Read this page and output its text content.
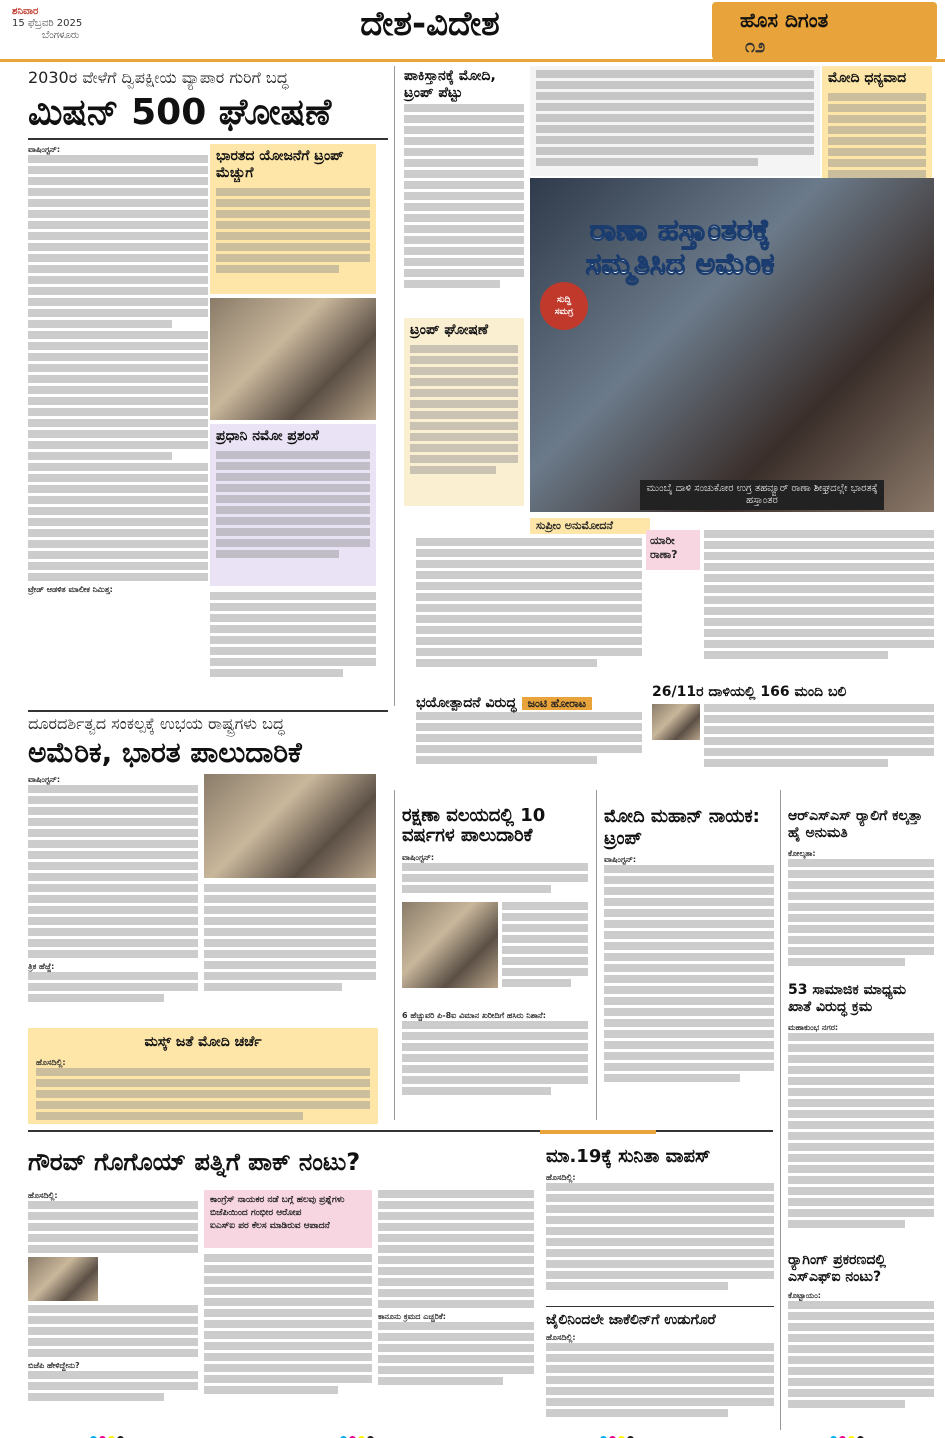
ಶನಿವಾರ
15 ಫೆಬ್ರವರಿ 2025
ಬೆಂಗಳೂರು	ದೇಶ-ವಿದೇಶ	ಹೊಸ ದಿಗಂತ
೧೨
2030ರ ವೇಳೆಗೆ ದ್ವಿಪಕ್ಷೀಯ ವ್ಯಾಪಾರ ಗುರಿಗೆ ಬದ್ಧ
ಮಿಷನ್ 500 ಘೋಷಣೆ
ವಾಷಿಂಗ್ಟನ್:
ಟ್ರೇಡ್ ಆಡಳಿತ ಮಾಲೀಕ ನಿಮಿತ್ತ:
ಭಾರತದ ಯೋಜನೆಗೆ ಟ್ರಂಪ್ ಮೆಚ್ಚುಗೆ
ಪ್ರಧಾನಿ ನಮೋ ಪ್ರಶಂಸೆ
ಪಾಕಿಸ್ತಾನಕ್ಕೆ ಮೋದಿ, ಟ್ರಂಪ್ ಪೆಟ್ಟು
ಟ್ರಂಪ್ ಘೋಷಣೆ
ಮೋದಿ ಧನ್ಯವಾದ
ರಾಣಾ ಹಸ್ತಾಂತರಕ್ಕೆ
ಸಮ್ಮತಿಸಿದ ಅಮೆರಿಕ
ಸುದ್ದಿ
ಸಮಗ್ರ
ಮುಂಬೈ ದಾಳಿ ಸಂಚುಕೋರ ಉಗ್ರ ತಹವ್ವೂರ್ ರಾಣಾ ಶೀಘ್ರದಲ್ಲೇ ಭಾರತಕ್ಕೆ ಹಸ್ತಾಂತರ
ಸುಪ್ರೀಂ ಅನುಮೋದನೆ
ಯಾರೀ ರಾಣಾ?
ಭಯೋತ್ಪಾದನೆ ವಿರುದ್ಧ ಜಂಟಿ ಹೋರಾಟ
26/11ರ ದಾಳಿಯಲ್ಲಿ 166 ಮಂದಿ ಬಲಿ
ದೂರದರ್ಶಿತ್ವದ ಸಂಕಲ್ಪಕ್ಕೆ ಉಭಯ ರಾಷ್ಟ್ರಗಳು ಬದ್ಧ
ಅಮೆರಿಕ, ಭಾರತ ಪಾಲುದಾರಿಕೆ
ವಾಷಿಂಗ್ಟನ್:
ತ್ರಿಕ ಹೆಜ್ಜೆ:
ರಕ್ಷಣಾ ವಲಯದಲ್ಲಿ 10 ವರ್ಷಗಳ ಪಾಲುದಾರಿಕೆ
ವಾಷಿಂಗ್ಟನ್:
6 ಹೆಚ್ಚುವರಿ ಪಿ-8ಐ ವಿಮಾನ ಖರೀದಿಗೆ ಹಸಿರು ನಿಶಾನೆ:
ಮೋದಿ ಮಹಾನ್ ನಾಯಕ: ಟ್ರಂಪ್
ವಾಷಿಂಗ್ಟನ್:
ಆರ್‌ಎಸ್‌ಎಸ್ ರ‍್ಯಾಲಿಗೆ ಕಲ್ಕತ್ತಾ ಹೈ ಅನುಮತಿ
ಕೋಲ್ಕತಾ:
53 ಸಾಮಾಜಿಕ ಮಾಧ್ಯಮ ಖಾತೆ ವಿರುದ್ಧ ಕ್ರಮ
ಮಹಾಕುಂಭ ನಗರ:
ರ‍್ಯಾಗಿಂಗ್ ಪ್ರಕರಣದಲ್ಲಿ ಎಸ್‌ಎಫ್‌ಐ ನಂಟು?
ಕೊಟ್ಟಾಯಂ:
ಮಸ್ಕ್ ಜತೆ ಮೋದಿ ಚರ್ಚೆ
ಹೊಸದಿಲ್ಲಿ:
ಗೌರವ್ ಗೊಗೊಯ್ ಪತ್ನಿಗೆ ಪಾಕ್ ನಂಟು?
ಹೊಸದಿಲ್ಲಿ:
ಬಿಜೆಪಿ ಹೇಳಿದ್ದೇನು?
ಕಾಂಗ್ರೆಸ್ ನಾಯಕರ ನಡೆ ಬಗ್ಗೆ ಹಲವು ಪ್ರಶ್ನೆಗಳು
ಬಿಜೆಪಿಯಿಂದ ಗಂಭೀರ ಆರೋಪ
ಐಎಸ್‌ಐ ಪರ ಕೆಲಸ ಮಾಡಿರುವ ಆಪಾದನೆ
ಕಾನೂನು ಕ್ರಮದ ಎಚ್ಚರಿಕೆ:
ಮಾ.19ಕ್ಕೆ ಸುನಿತಾ ವಾಪಸ್
ಹೊಸದಿಲ್ಲಿ:
ಜೈಲಿನಿಂದಲೇ ಜಾಕೆಲಿನ್‌ಗೆ ಉಡುಗೊರೆ
ಹೊಸದಿಲ್ಲಿ:
